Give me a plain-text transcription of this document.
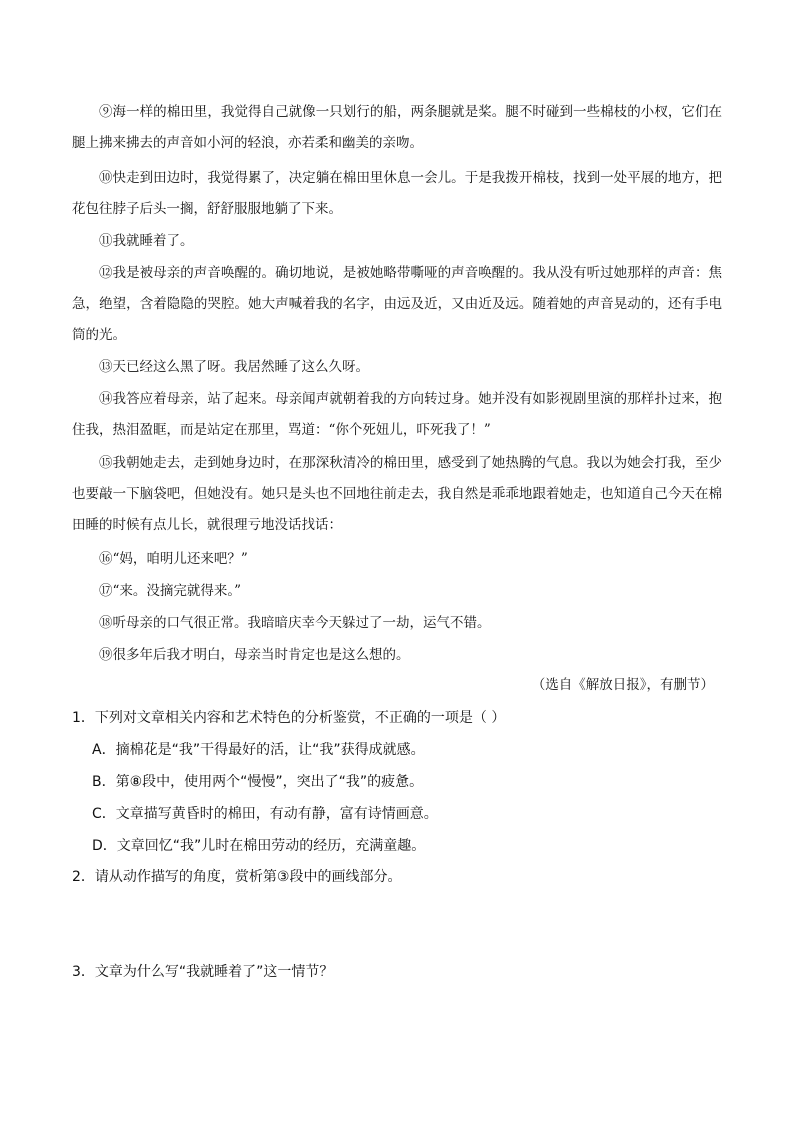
⑨海一样的棉田里，我觉得自己就像一只划行的船，两条腿就是桨。腿不时碰到一些棉枝的小杈，它们在腿上拂来拂去的声音如小河的轻浪，亦若柔和幽美的亲吻。

⑩快走到田边时，我觉得累了，决定躺在棉田里休息一会儿。于是我拨开棉枝，找到一处平展的地方，把花包往脖子后头一搁，舒舒服服地躺了下来。

⑪我就睡着了。

⑫我是被母亲的声音唤醒的。确切地说，是被她略带嘶哑的声音唤醒的。我从没有听过她那样的声音：焦急，绝望，含着隐隐的哭腔。她大声喊着我的名字，由远及近，又由近及远。随着她的声音晃动的，还有手电筒的光。

⑬天已经这么黑了呀。我居然睡了这么久呀。

⑭我答应着母亲，站了起来。母亲闻声就朝着我的方向转过身。她并没有如影视剧里演的那样扑过来，抱住我，热泪盈眶，而是站定在那里，骂道：“你个死妞儿，吓死我了！”

⑮我朝她走去，走到她身边时，在那深秋清冷的棉田里，感受到了她热腾的气息。我以为她会打我，至少也要敲一下脑袋吧，但她没有。她只是头也不回地往前走去，我自然是乖乖地跟着她走，也知道自己今天在棉田睡的时候有点儿长，就很理亏地没话找话：

⑯“妈，咱明儿还来吧？”

⑰“来。没摘完就得来。”

⑱听母亲的口气很正常。我暗暗庆幸今天躲过了一劫，运气不错。

⑲很多年后我才明白，母亲当时肯定也是这么想的。

（选自《解放日报》，有删节）

1．下列对文章相关内容和艺术特色的分析鉴赏，不正确的一项是（ ）

A．摘棉花是“我”干得最好的活，让“我”获得成就感。

B．第⑧段中，使用两个“慢慢”，突出了“我”的疲惫。

C．文章描写黄昏时的棉田，有动有静，富有诗情画意。

D．文章回忆“我”儿时在棉田劳动的经历，充满童趣。

2．请从动作描写的角度，赏析第③段中的画线部分。

3．文章为什么写“我就睡着了”这一情节？
